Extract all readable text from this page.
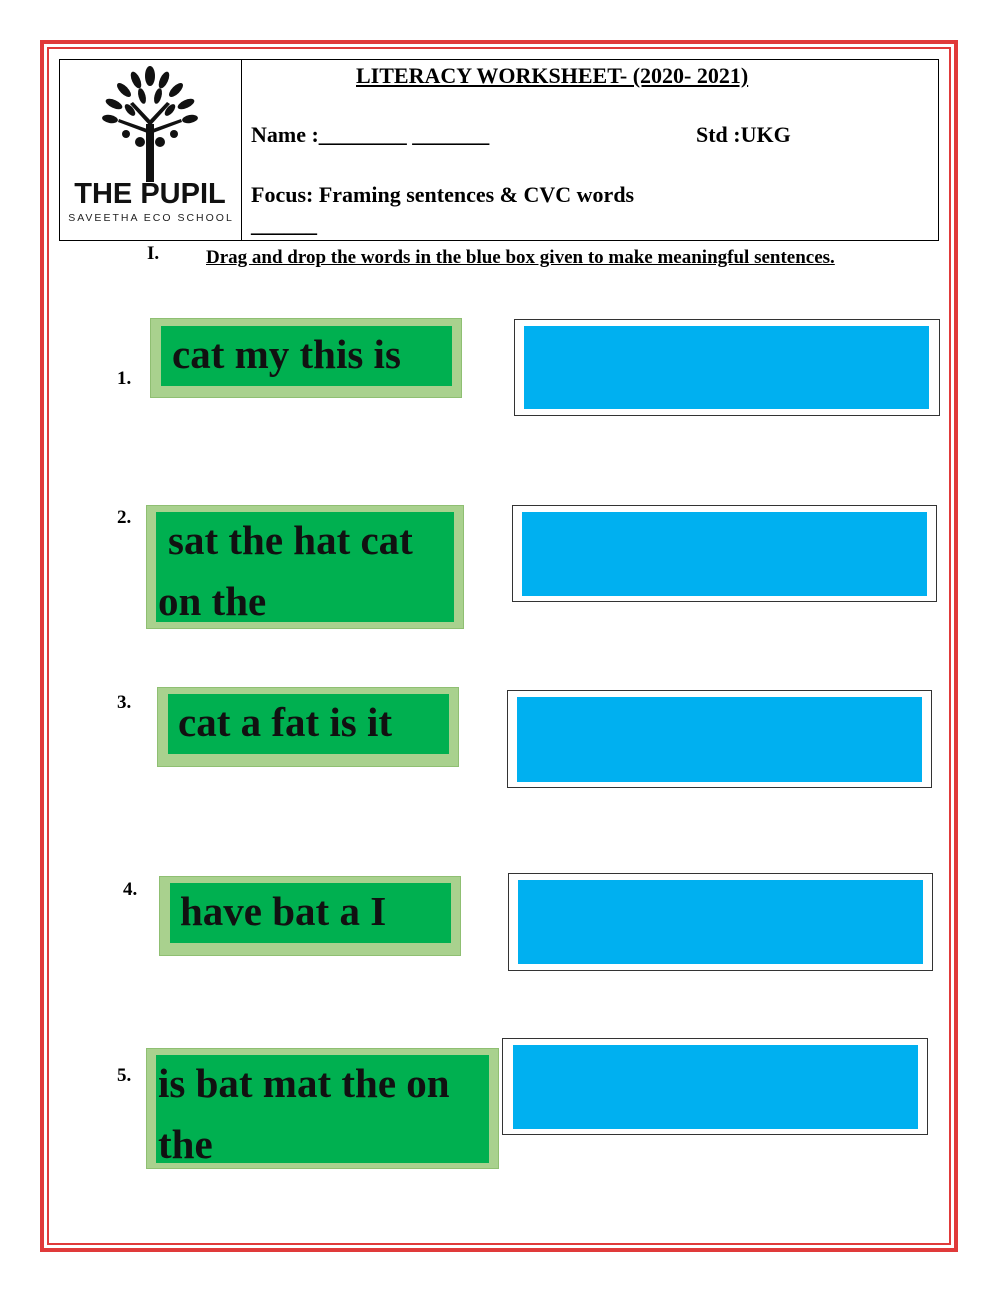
THE PUPIL
SAVEETHA ECO SCHOOL
LITERACY WORKSHEET- (2020- 2021)
Name :________ _______	Std :UKG
Focus: Framing sentences & CVC words
______
I. Drag and drop the words in the blue box given to make meaningful sentences.
1.
cat my this is
2. sat the hat cat on the
3. cat a fat is it
4. have bat a I
5. is bat mat the on the
